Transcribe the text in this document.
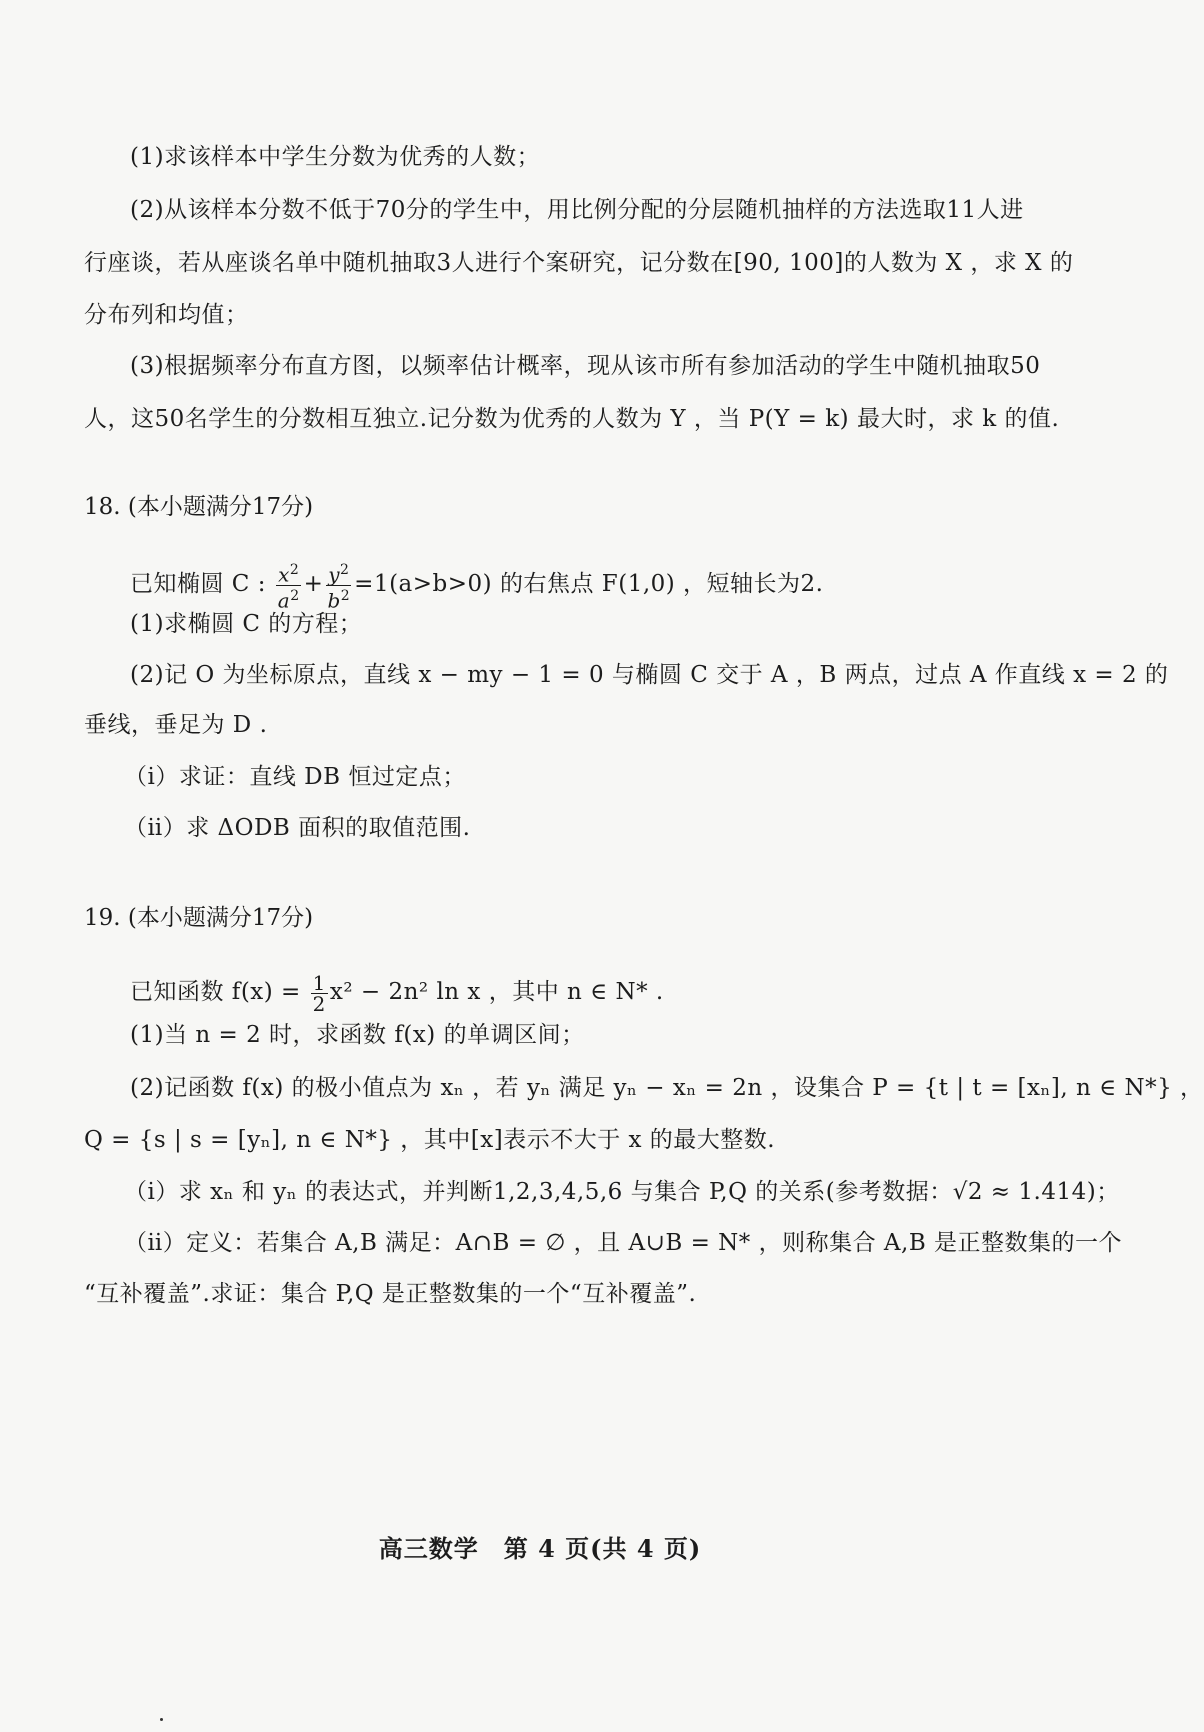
(1)求该样本中学生分数为优秀的人数；
(2)从该样本分数不低于70分的学生中，用比例分配的分层随机抽样的方法选取11人进
行座谈，若从座谈名单中随机抽取3人进行个案研究，记分数在[90, 100]的人数为 X ，求 X 的
分布列和均值；
(3)根据频率分布直方图，以频率估计概率，现从该市所有参加活动的学生中随机抽取50
人，这50名学生的分数相互独立.记分数为优秀的人数为 Y ，当 P(Y = k) 最大时，求 k 的值.
18. (本小题满分17分)
已知椭圆 C : $\frac{x^2}{a^2} + \frac{y^2}{b^2} =1(a>b>0)$ 的右焦点 F(1,0) ，短轴长为2.
(1)求椭圆 C 的方程；
(2)记 O 为坐标原点，直线 x − my − 1 = 0 与椭圆 C 交于 A ，B 两点，过点 A 作直线 x = 2 的
垂线，垂足为 D .
（ⅰ）求证：直线 DB 恒过定点；
（ⅱ）求 ΔODB 面积的取值范围.
19. (本小题满分17分)
已知函数 $f(x) = \frac{1}{2} x^2 - 2n^2$ ln x ，其中 n ∈ N* .
(1)当 n = 2 时，求函数 f(x) 的单调区间；
(2)记函数 f(x) 的极小值点为 xₙ ，若 yₙ 满足 yₙ − xₙ = 2n ，设集合 P = {t | t = [xₙ], n ∈ N*} ，
Q = {s | s = [yₙ], n ∈ N*} ，其中[x]表示不大于 x 的最大整数.
（ⅰ）求 xₙ 和 yₙ 的表达式，并判断1,2,3,4,5,6 与集合 P,Q 的关系(参考数据：√2 ≈ 1.414)；
（ⅱ）定义：若集合 A,B 满足：A∩B = ∅ ，且 A∪B = N* ，则称集合 A,B 是正整数集的一个
“互补覆盖”.求证：集合 P,Q 是正整数集的一个“互补覆盖”.
高三数学　第 4 页(共 4 页)
